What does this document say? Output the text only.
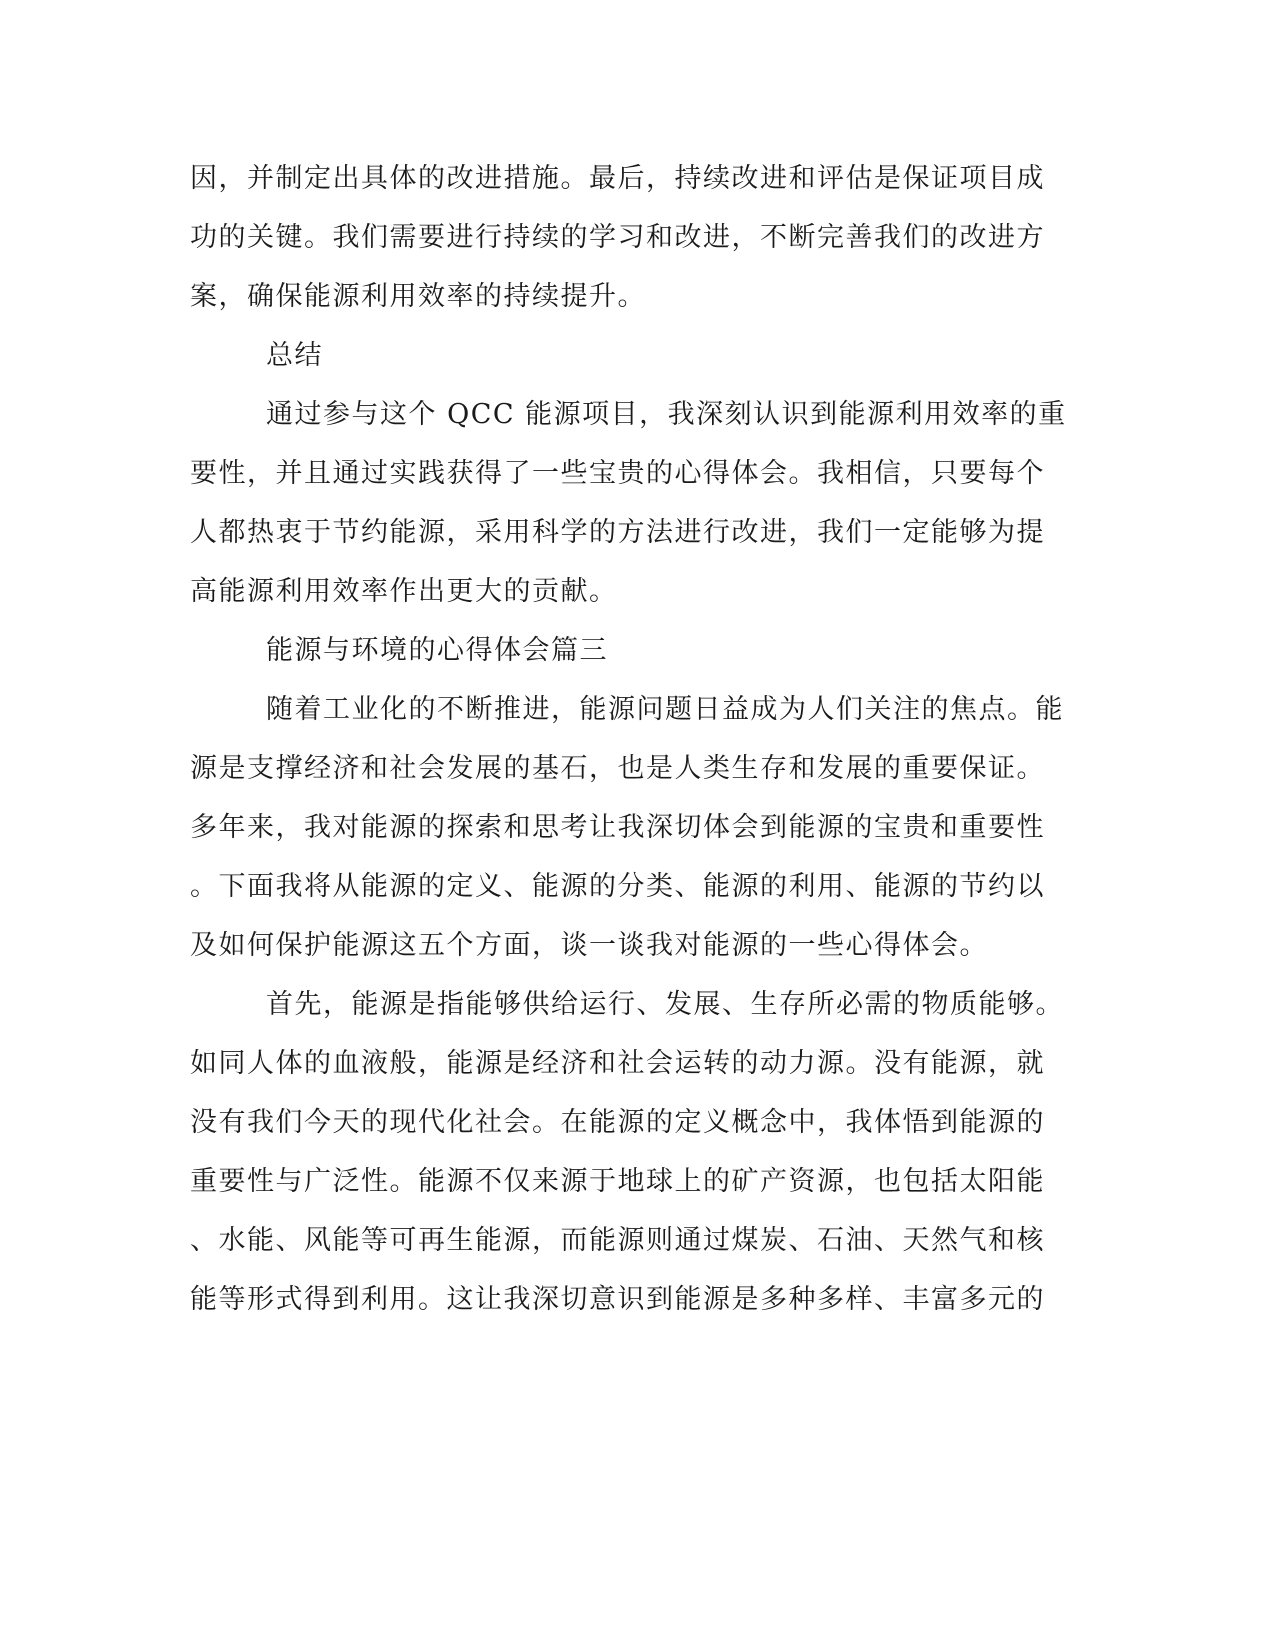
因，并制定出具体的改进措施。最后，持续改进和评估是保证项目成

功的关键。我们需要进行持续的学习和改进，不断完善我们的改进方

案，确保能源利用效率的持续提升。

总结

通过参与这个 QCC 能源项目，我深刻认识到能源利用效率的重

要性，并且通过实践获得了一些宝贵的心得体会。我相信，只要每个

人都热衷于节约能源，采用科学的方法进行改进，我们一定能够为提

高能源利用效率作出更大的贡献。

能源与环境的心得体会篇三

随着工业化的不断推进，能源问题日益成为人们关注的焦点。能

源是支撑经济和社会发展的基石，也是人类生存和发展的重要保证。

多年来，我对能源的探索和思考让我深切体会到能源的宝贵和重要性

。下面我将从能源的定义、能源的分类、能源的利用、能源的节约以

及如何保护能源这五个方面，谈一谈我对能源的一些心得体会。

首先，能源是指能够供给运行、发展、生存所必需的物质能够。

如同人体的血液般，能源是经济和社会运转的动力源。没有能源，就

没有我们今天的现代化社会。在能源的定义概念中，我体悟到能源的

重要性与广泛性。能源不仅来源于地球上的矿产资源，也包括太阳能

、水能、风能等可再生能源，而能源则通过煤炭、石油、天然气和核

能等形式得到利用。这让我深切意识到能源是多种多样、丰富多元的
